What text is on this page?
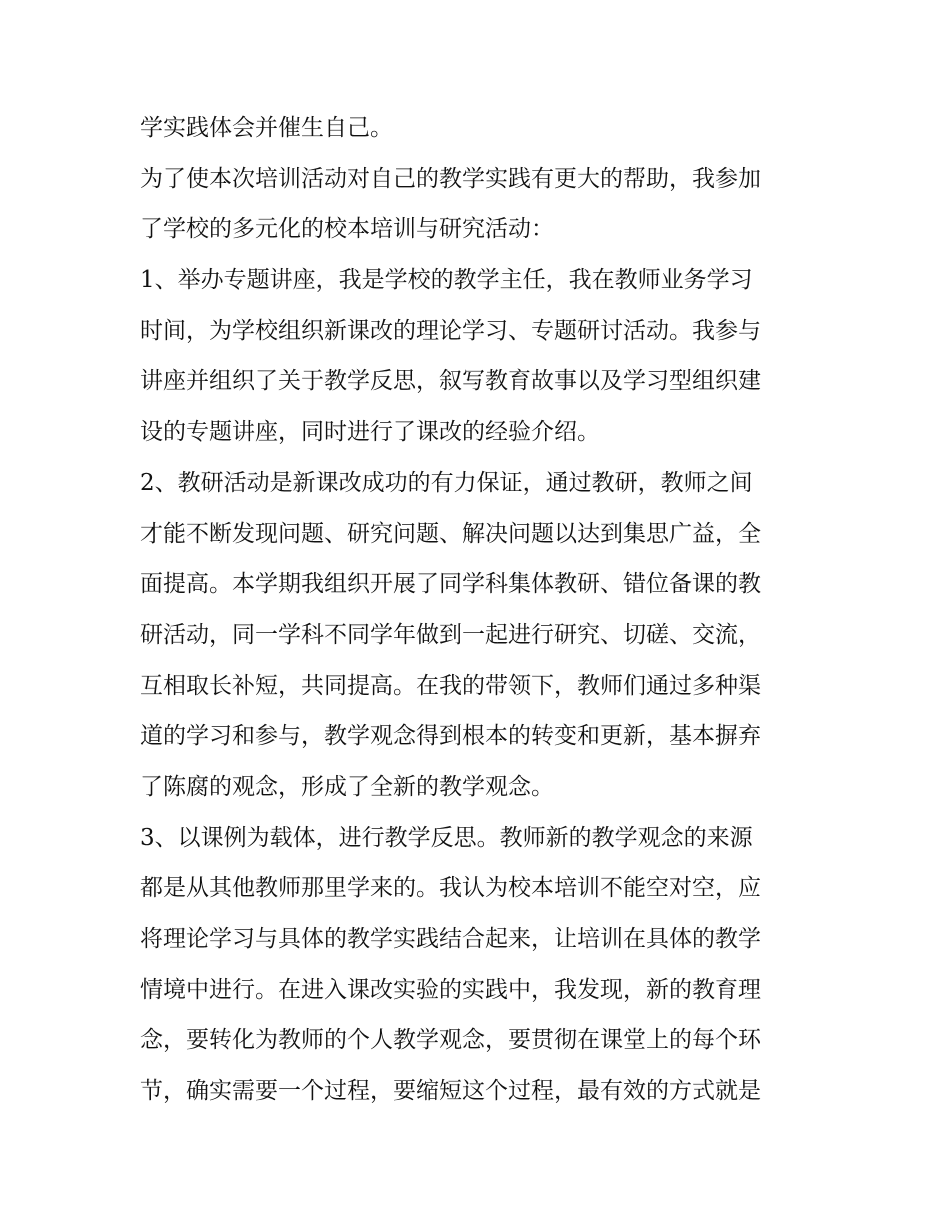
学实践体会并催生自己。
为了使本次培训活动对自己的教学实践有更大的帮助，我参加
了学校的多元化的校本培训与研究活动：
1、举办专题讲座，我是学校的教学主任，我在教师业务学习
时间，为学校组织新课改的理论学习、专题研讨活动。我参与
讲座并组织了关于教学反思，叙写教育故事以及学习型组织建
设的专题讲座，同时进行了课改的经验介绍。
2、教研活动是新课改成功的有力保证，通过教研，教师之间
才能不断发现问题、研究问题、解决问题以达到集思广益，全
面提高。本学期我组织开展了同学科集体教研、错位备课的教
研活动，同一学科不同学年做到一起进行研究、切磋、交流，
互相取长补短，共同提高。在我的带领下，教师们通过多种渠
道的学习和参与，教学观念得到根本的转变和更新，基本摒弃
了陈腐的观念，形成了全新的教学观念。
3、以课例为载体，进行教学反思。教师新的教学观念的来源
都是从其他教师那里学来的。我认为校本培训不能空对空，应
将理论学习与具体的教学实践结合起来，让培训在具体的教学
情境中进行。在进入课改实验的实践中，我发现，新的教育理
念，要转化为教师的个人教学观念，要贯彻在课堂上的每个环
节，确实需要一个过程，要缩短这个过程，最有效的方式就是
